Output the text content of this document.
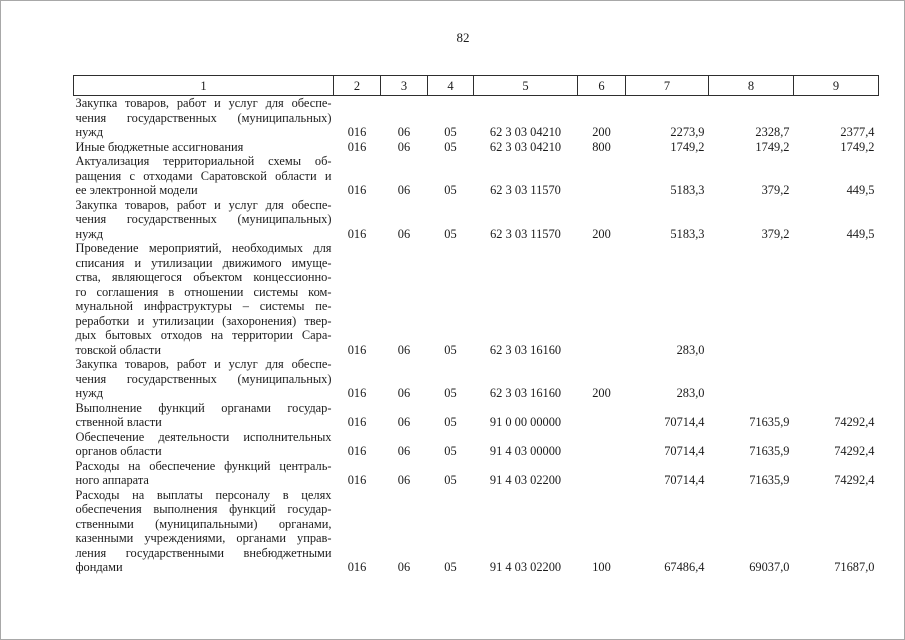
82
1	2	3	4	5	6	7	8	9

Закупка товаров, работ и услуг для обеспе-
чения государственных (муниципальных)
нужд	016	06	05	62 3 03 04210	200	2273,9	2328,7	2377,4

Иные бюджетные ассигнования	016	06	05	62 3 03 04210	800	1749,2	1749,2	1749,2

Актуализация территориальной схемы об-
ращения с отходами Саратовской области и
ее электронной модели	016	06	05	62 3 03 11570		5183,3	379,2	449,5

Закупка товаров, работ и услуг для обеспе-
чения государственных (муниципальных)
нужд	016	06	05	62 3 03 11570	200	5183,3	379,2	449,5

Проведение мероприятий, необходимых для
списания и утилизации движимого имуще-
ства, являющегося объектом концессионно-
го соглашения в отношении системы ком-
мунальной инфраструктуры – системы пе-
реработки и утилизации (захоронения) твер-
дых бытовых отходов на территории Сара-
товской области	016	06	05	62 3 03 16160		283,0		

Закупка товаров, работ и услуг для обеспе-
чения государственных (муниципальных)
нужд	016	06	05	62 3 03 16160	200	283,0		

Выполнение функций органами государ-
ственной власти	016	06	05	91 0 00 00000		70714,4	71635,9	74292,4

Обеспечение деятельности исполнительных
органов области	016	06	05	91 4 03 00000		70714,4	71635,9	74292,4

Расходы на обеспечение функций централь-
ного аппарата	016	06	05	91 4 03 02200		70714,4	71635,9	74292,4

Расходы на выплаты персоналу в целях
обеспечения выполнения функций государ-
ственными (муниципальными) органами,
казенными учреждениями, органами управ-
ления государственными внебюджетными
фондами	016	06	05	91 4 03 02200	100	67486,4	69037,0	71687,0
